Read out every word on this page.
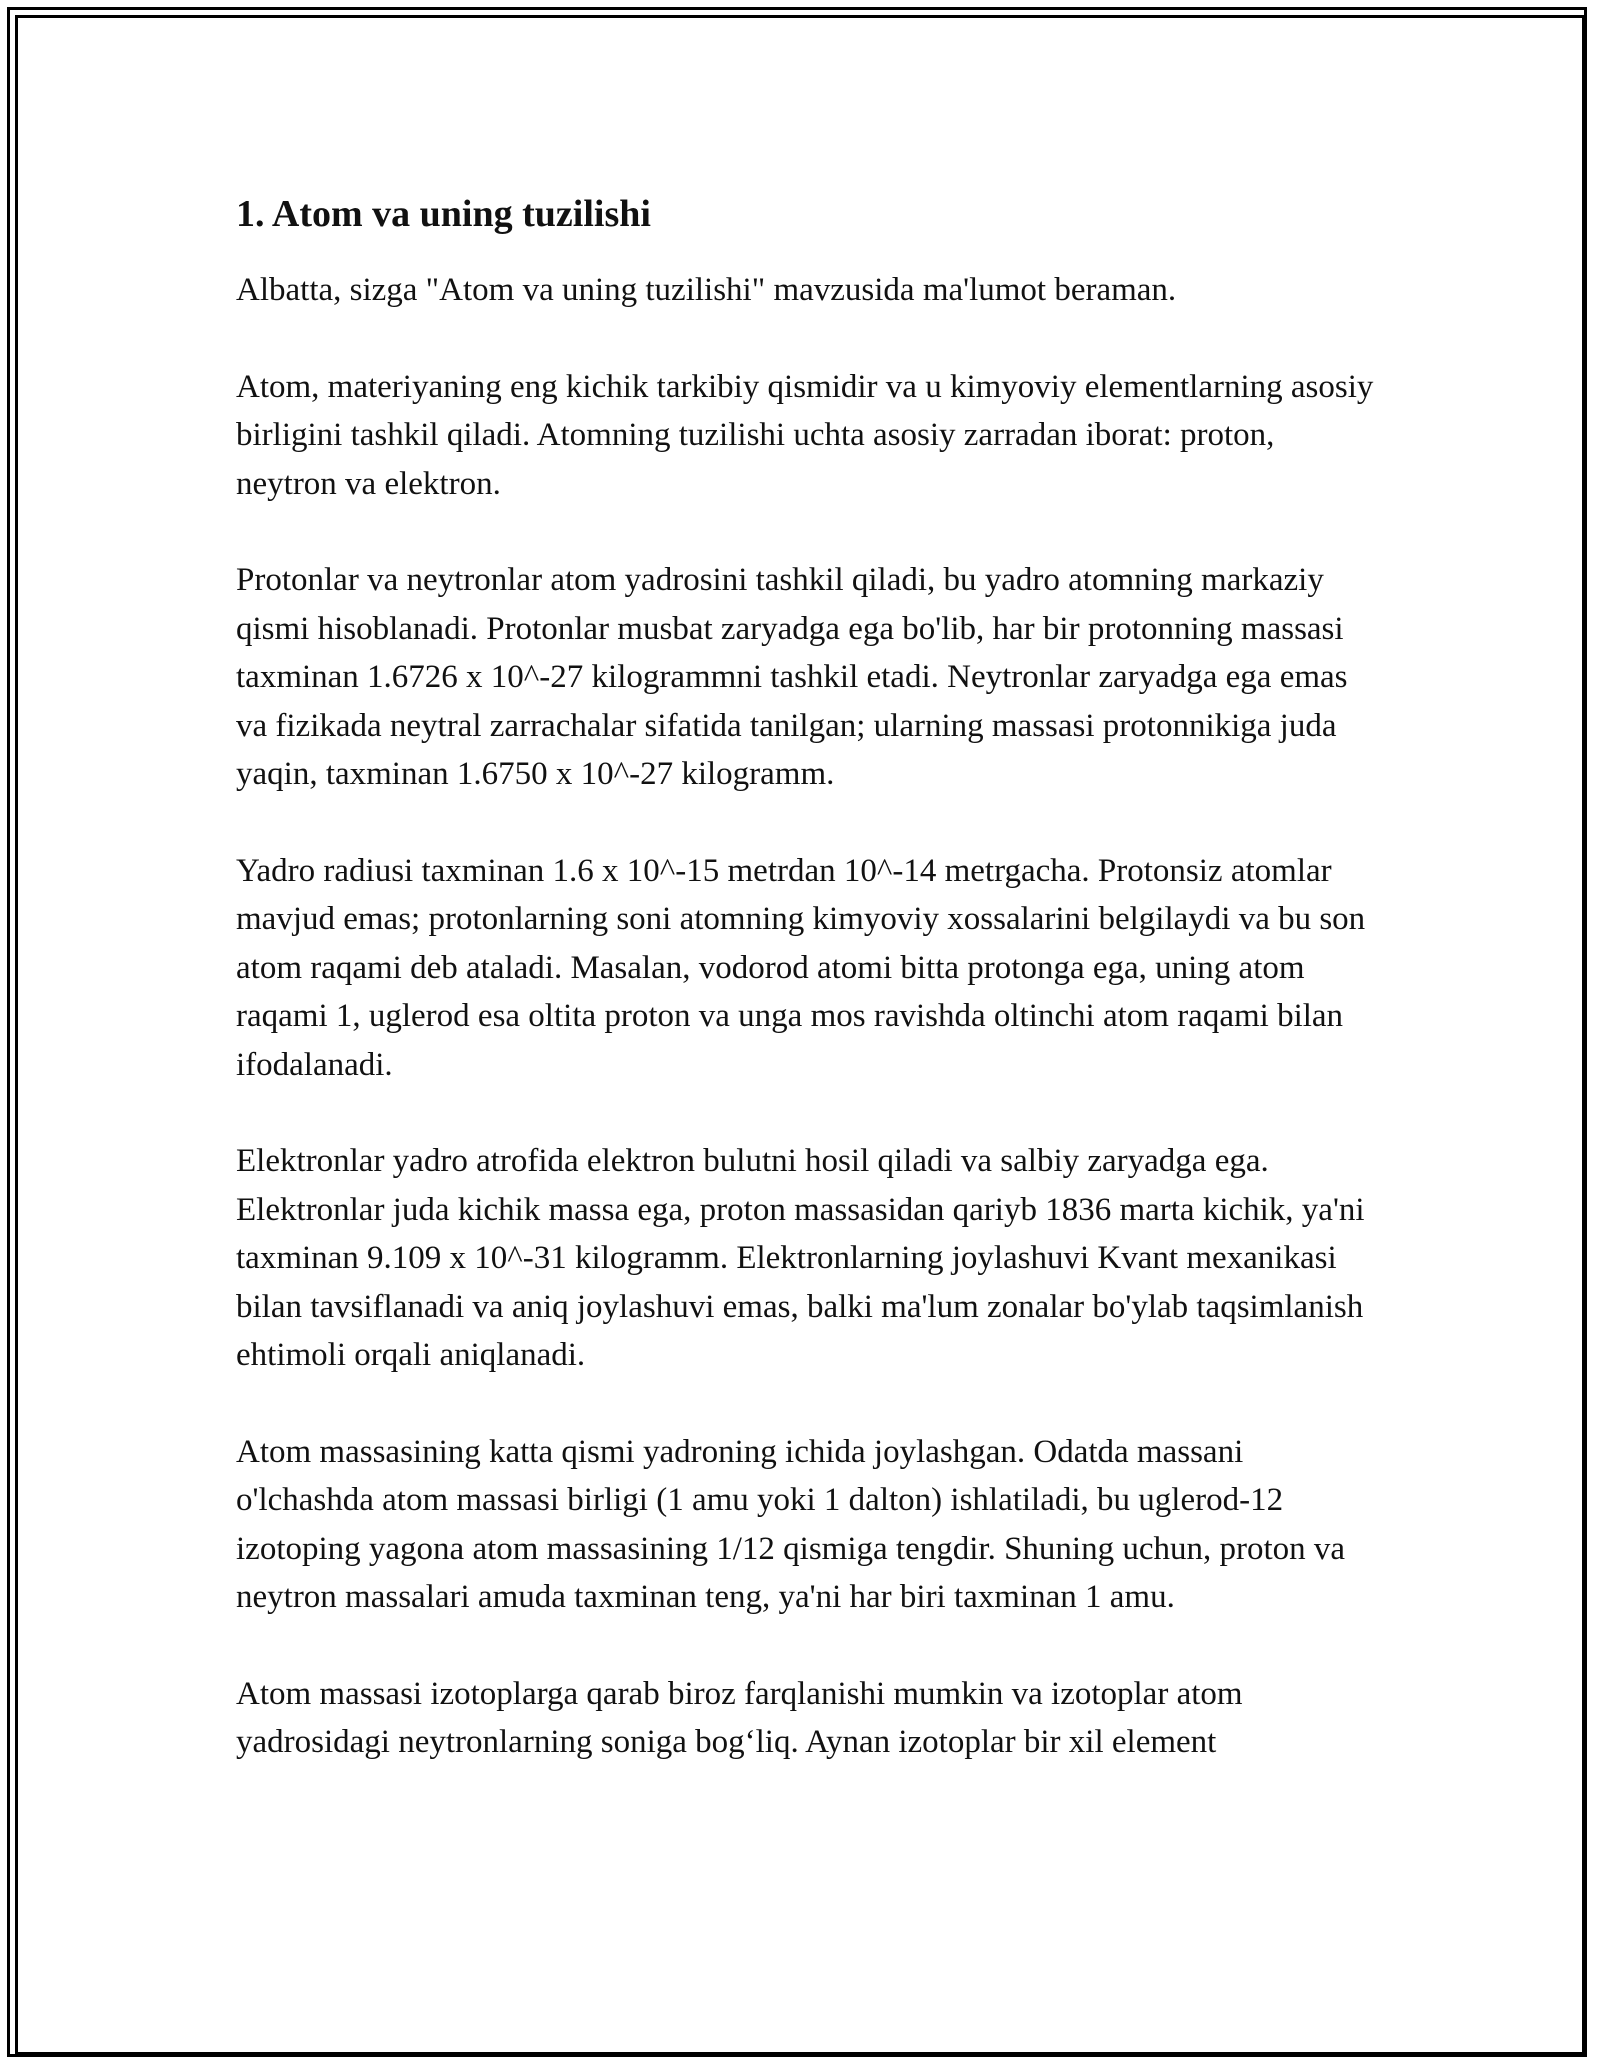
1. Atom va uning tuzilishi

Albatta, sizga "Atom va uning tuzilishi" mavzusida ma'lumot beraman.

Atom, materiyaning eng kichik tarkibiy qismidir va u kimyoviy elementlarning asosiy birligini tashkil qiladi. Atomning tuzilishi uchta asosiy zarradan iborat: proton, neytron va elektron.

Protonlar va neytronlar atom yadrosini tashkil qiladi, bu yadro atomning markaziy qismi hisoblanadi. Protonlar musbat zaryadga ega bo'lib, har bir protonning massasi taxminan 1.6726 x 10^-27 kilogrammni tashkil etadi. Neytronlar zaryadga ega emas va fizikada neytral zarrachalar sifatida tanilgan; ularning massasi protonnikiga juda yaqin, taxminan 1.6750 x 10^-27 kilogramm.

Yadro radiusi taxminan 1.6 x 10^-15 metrdan 10^-14 metrgacha. Protonsiz atomlar mavjud emas; protonlarning soni atomning kimyoviy xossalarini belgilaydi va bu son atom raqami deb ataladi. Masalan, vodorod atomi bitta protonga ega, uning atom raqami 1, uglerod esa oltita proton va unga mos ravishda oltinchi atom raqami bilan ifodalanadi.

Elektronlar yadro atrofida elektron bulutni hosil qiladi va salbiy zaryadga ega. Elektronlar juda kichik massa ega, proton massasidan qariyb 1836 marta kichik, ya'ni taxminan 9.109 x 10^-31 kilogramm. Elektronlarning joylashuvi Kvant mexanikasi bilan tavsiflanadi va aniq joylashuvi emas, balki ma'lum zonalar bo'ylab taqsimlanish ehtimoli orqali aniqlanadi.

Atom massasining katta qismi yadroning ichida joylashgan. Odatda massani o'lchashda atom massasi birligi (1 amu yoki 1 dalton) ishlatiladi, bu uglerod-12 izotoping yagona atom massasining 1/12 qismiga tengdir. Shuning uchun, proton va neytron massalari amuda taxminan teng, ya'ni har biri taxminan 1 amu.

Atom massasi izotoplarga qarab biroz farqlanishi mumkin va izotoplar atom yadrosidagi neytronlarning soniga bog‘liq. Aynan izotoplar bir xil element
